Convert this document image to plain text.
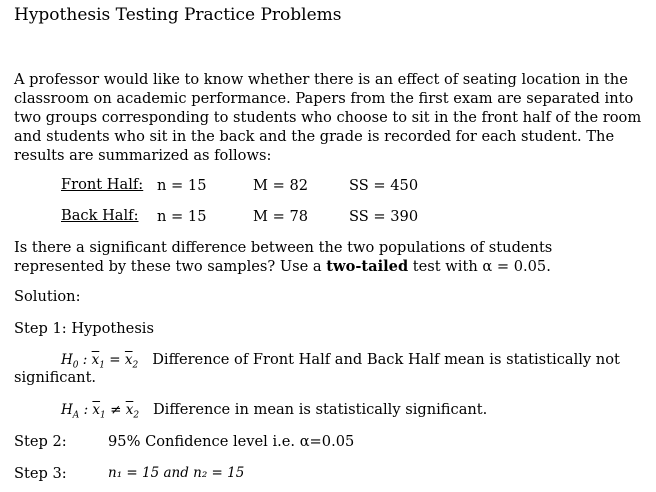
Hypothesis Testing Practice Problems
A professor would like to know whether there is an effect of seating location in the classroom on academic performance. Papers from the first exam are separated into two groups corresponding to students who choose to sit in the front half of the room and students who sit in the back and the grade is recorded for each student. The results are summarized as follows:
Front Half: n = 15	M = 82	SS = 450
Back Half: n = 15	M = 78	SS = 390
Is there a significant difference between the two populations of students represented by these two samples? Use a two-tailed test with α = 0.05.
Solution:
Step 1: Hypothesis
$H_0$ : $\overline{x}_1 = \overline{x}_2$ Difference of Front Half and Back Half mean is statistically not
significant.
$H_A$ : $\overline{x}_1 \ne \overline{x}_2$ Difference in mean is statistically significant.
Step 2:	95% Confidence level i.e. α=0.05
Step 3:	n₁ = 15 and n₂ = 15
